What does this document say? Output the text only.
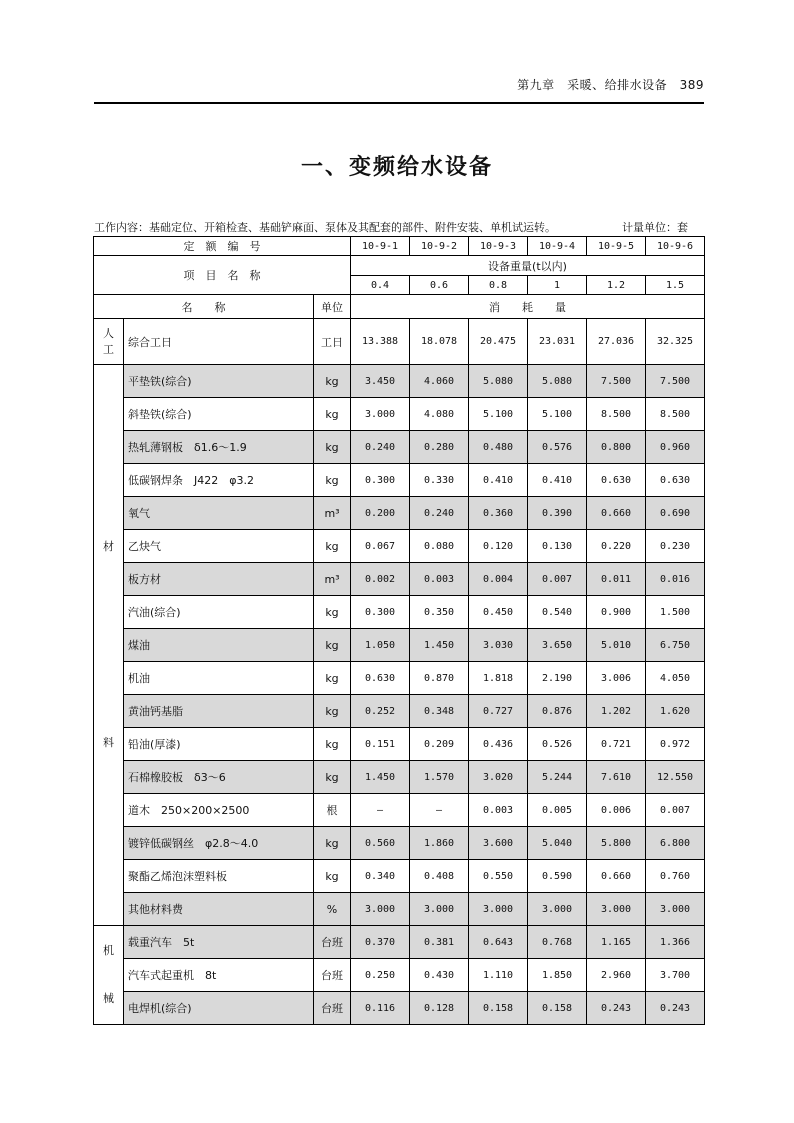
第九章　采暖、给排水设备　389
一、变频给水设备
工作内容：基础定位、开箱检查、基础铲麻面、泵体及其配套的部件、附件安装、单机试运转。	计量单位：套
定　额　编　号			10-9-1	10-9-2	10-9-3	10-9-4	10-9-5	10-9-6
项　目　名　称			设备重量(t以内)					
			0.4	0.6	0.8	1	1.2	1.5
名　　称		单位	消　　耗　　量					

人
工	综合工日	工日	13.388	18.078	20.475	23.031	27.036	32.325

材
料	平垫铁(综合)	kg	3.450	4.060	5.080	5.080	7.500	7.500
	斜垫铁(综合)	kg	3.000	4.080	5.100	5.100	8.500	8.500
	热轧薄钢板　δ1.6～1.9	kg	0.240	0.280	0.480	0.576	0.800	0.960
	低碳钢焊条　J422　φ3.2	kg	0.300	0.330	0.410	0.410	0.630	0.630
	氧气	m³	0.200	0.240	0.360	0.390	0.660	0.690
	乙炔气	kg	0.067	0.080	0.120	0.130	0.220	0.230
	板方材	m³	0.002	0.003	0.004	0.007	0.011	0.016
	汽油(综合)	kg	0.300	0.350	0.450	0.540	0.900	1.500
	煤油	kg	1.050	1.450	3.030	3.650	5.010	6.750
	机油	kg	0.630	0.870	1.818	2.190	3.006	4.050
	黄油钙基脂	kg	0.252	0.348	0.727	0.876	1.202	1.620
	铅油(厚漆)	kg	0.151	0.209	0.436	0.526	0.721	0.972
	石棉橡胶板　δ3～6	kg	1.450	1.570	3.020	5.244	7.610	12.550
	道木　250×200×2500	根	—	—	0.003	0.005	0.006	0.007
	镀锌低碳钢丝　φ2.8～4.0	kg	0.560	1.860	3.600	5.040	5.800	6.800
	聚酯乙烯泡沫塑料板	kg	0.340	0.408	0.550	0.590	0.660	0.760
	其他材料费	%	3.000	3.000	3.000	3.000	3.000	3.000

机
械	载重汽车　5t	台班	0.370	0.381	0.643	0.768	1.165	1.366
	汽车式起重机　8t	台班	0.250	0.430	1.110	1.850	2.960	3.700
	电焊机(综合)	台班	0.116	0.128	0.158	0.158	0.243	0.243
